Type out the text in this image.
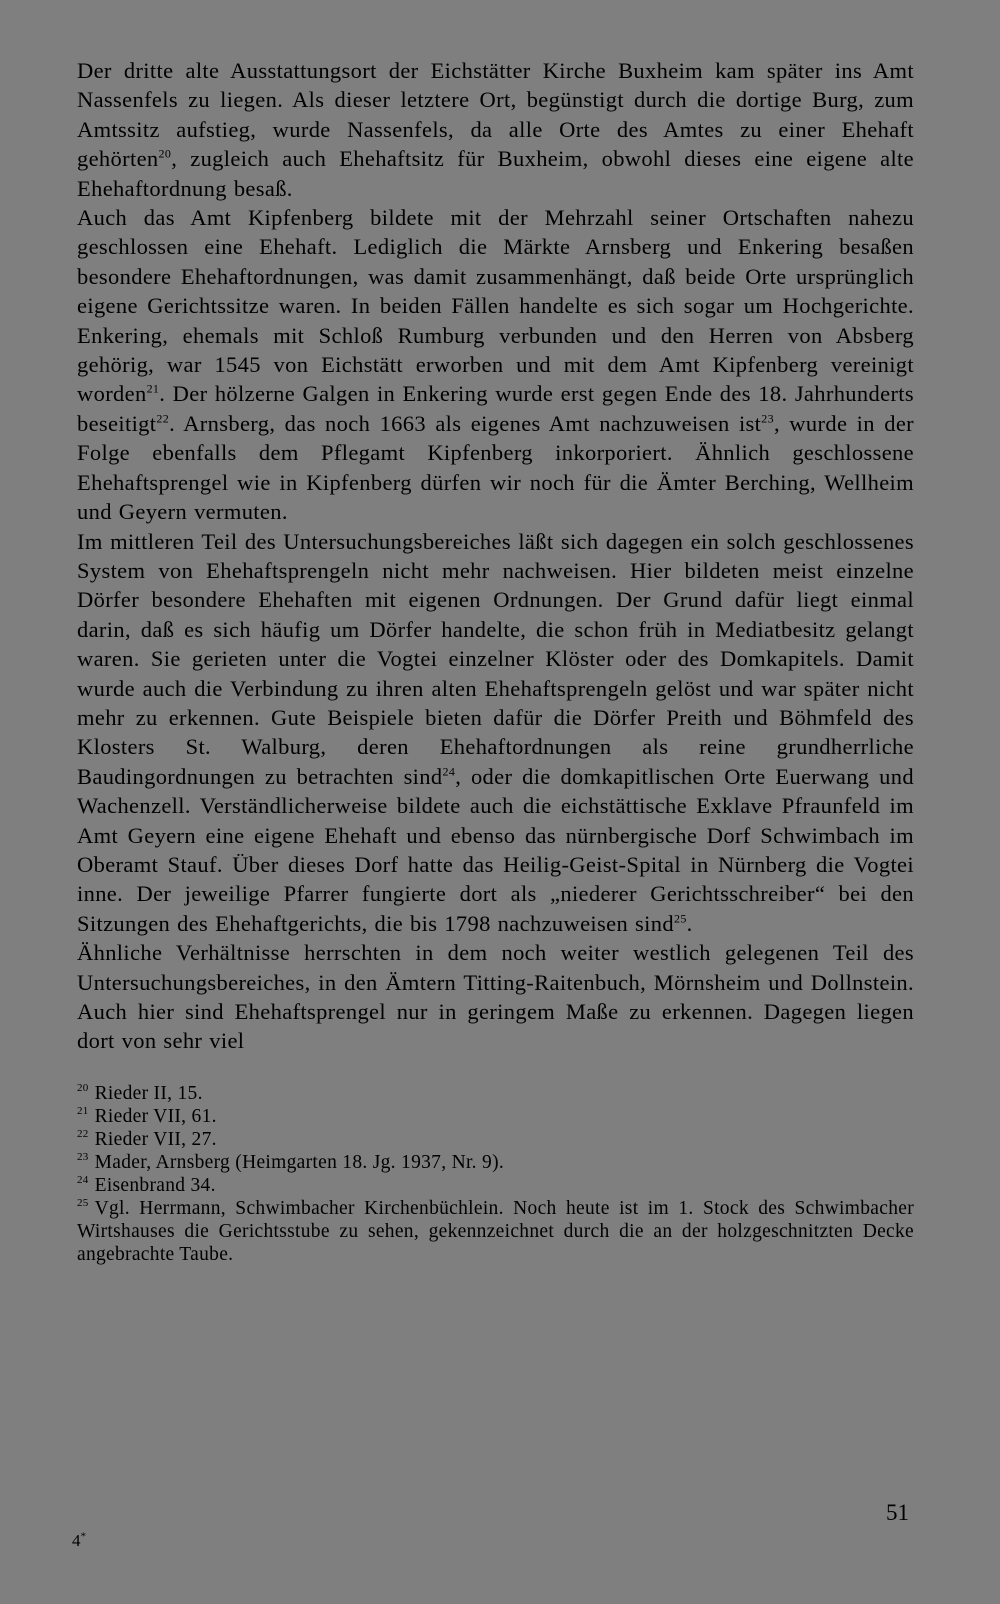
Der dritte alte Ausstattungsort der Eichstätter Kirche Buxheim kam später ins Amt Nassenfels zu liegen. Als dieser letztere Ort, begünstigt durch die dortige Burg, zum Amtssitz aufstieg, wurde Nassenfels, da alle Orte des Amtes zu einer Ehehaft gehörten$^{20}$, zugleich auch Ehehaftsitz für Buxheim, obwohl dieses eine eigene alte Ehehaftordnung besaß.

Auch das Amt Kipfenberg bildete mit der Mehrzahl seiner Ortschaften nahezu geschlossen eine Ehehaft. Lediglich die Märkte Arnsberg und Enkering besaßen besondere Ehehaftordnungen, was damit zusammenhängt, daß beide Orte ursprünglich eigene Gerichtssitze waren. In beiden Fällen handelte es sich sogar um Hochgerichte. Enkering, ehemals mit Schloß Rumburg verbunden und den Herren von Absberg gehörig, war 1545 von Eichstätt erworben und mit dem Amt Kipfenberg vereinigt worden$^{21}$. Der hölzerne Galgen in Enkering wurde erst gegen Ende des 18. Jahrhunderts beseitigt$^{22}$. Arnsberg, das noch 1663 als eigenes Amt nachzuweisen ist$^{23}$, wurde in der Folge ebenfalls dem Pflegamt Kipfenberg inkorporiert. Ähnlich geschlossene Ehehaftsprengel wie in Kipfenberg dürfen wir noch für die Ämter Berching, Wellheim und Geyern vermuten.

Im mittleren Teil des Untersuchungsbereiches läßt sich dagegen ein solch geschlossenes System von Ehehaftsprengeln nicht mehr nachweisen. Hier bildeten meist einzelne Dörfer besondere Ehehaften mit eigenen Ordnungen. Der Grund dafür liegt einmal darin, daß es sich häufig um Dörfer handelte, die schon früh in Mediatbesitz gelangt waren. Sie gerieten unter die Vogtei einzelner Klöster oder des Domkapitels. Damit wurde auch die Verbindung zu ihren alten Ehehaftsprengeln gelöst und war später nicht mehr zu erkennen. Gute Beispiele bieten dafür die Dörfer Preith und Böhmfeld des Klosters St. Walburg, deren Ehehaftordnungen als reine grundherrliche Baudingordnungen zu betrachten sind$^{24}$, oder die domkapitlischen Orte Euerwang und Wachenzell. Verständlicherweise bildete auch die eichstättische Exklave Pfraunfeld im Amt Geyern eine eigene Ehehaft und ebenso das nürnbergische Dorf Schwimbach im Oberamt Stauf. Über dieses Dorf hatte das Heilig-Geist-Spital in Nürnberg die Vogtei inne. Der jeweilige Pfarrer fungierte dort als „niederer Gerichtsschreiber“ bei den Sitzungen des Ehehaftgerichts, die bis 1798 nachzuweisen sind$^{25}$.

Ähnliche Verhältnisse herrschten in dem noch weiter westlich gelegenen Teil des Untersuchungsbereiches, in den Ämtern Titting-Raitenbuch, Mörnsheim und Dollnstein. Auch hier sind Ehehaftsprengel nur in geringem Maße zu erkennen. Dagegen liegen dort von sehr viel

$^{20}$ Rieder II, 15.
$^{21}$ Rieder VII, 61.
$^{22}$ Rieder VII, 27.
$^{23}$ Mader, Arnsberg (Heimgarten 18. Jg. 1937, Nr. 9).
$^{24}$ Eisenbrand 34.
$^{25}$ Vgl. Herrmann, Schwimbacher Kirchenbüchlein. Noch heute ist im 1. Stock des Schwimbacher Wirtshauses die Gerichtsstube zu sehen, gekennzeichnet durch die an der holzgeschnitzten Decke angebrachte Taube.
51
4*
